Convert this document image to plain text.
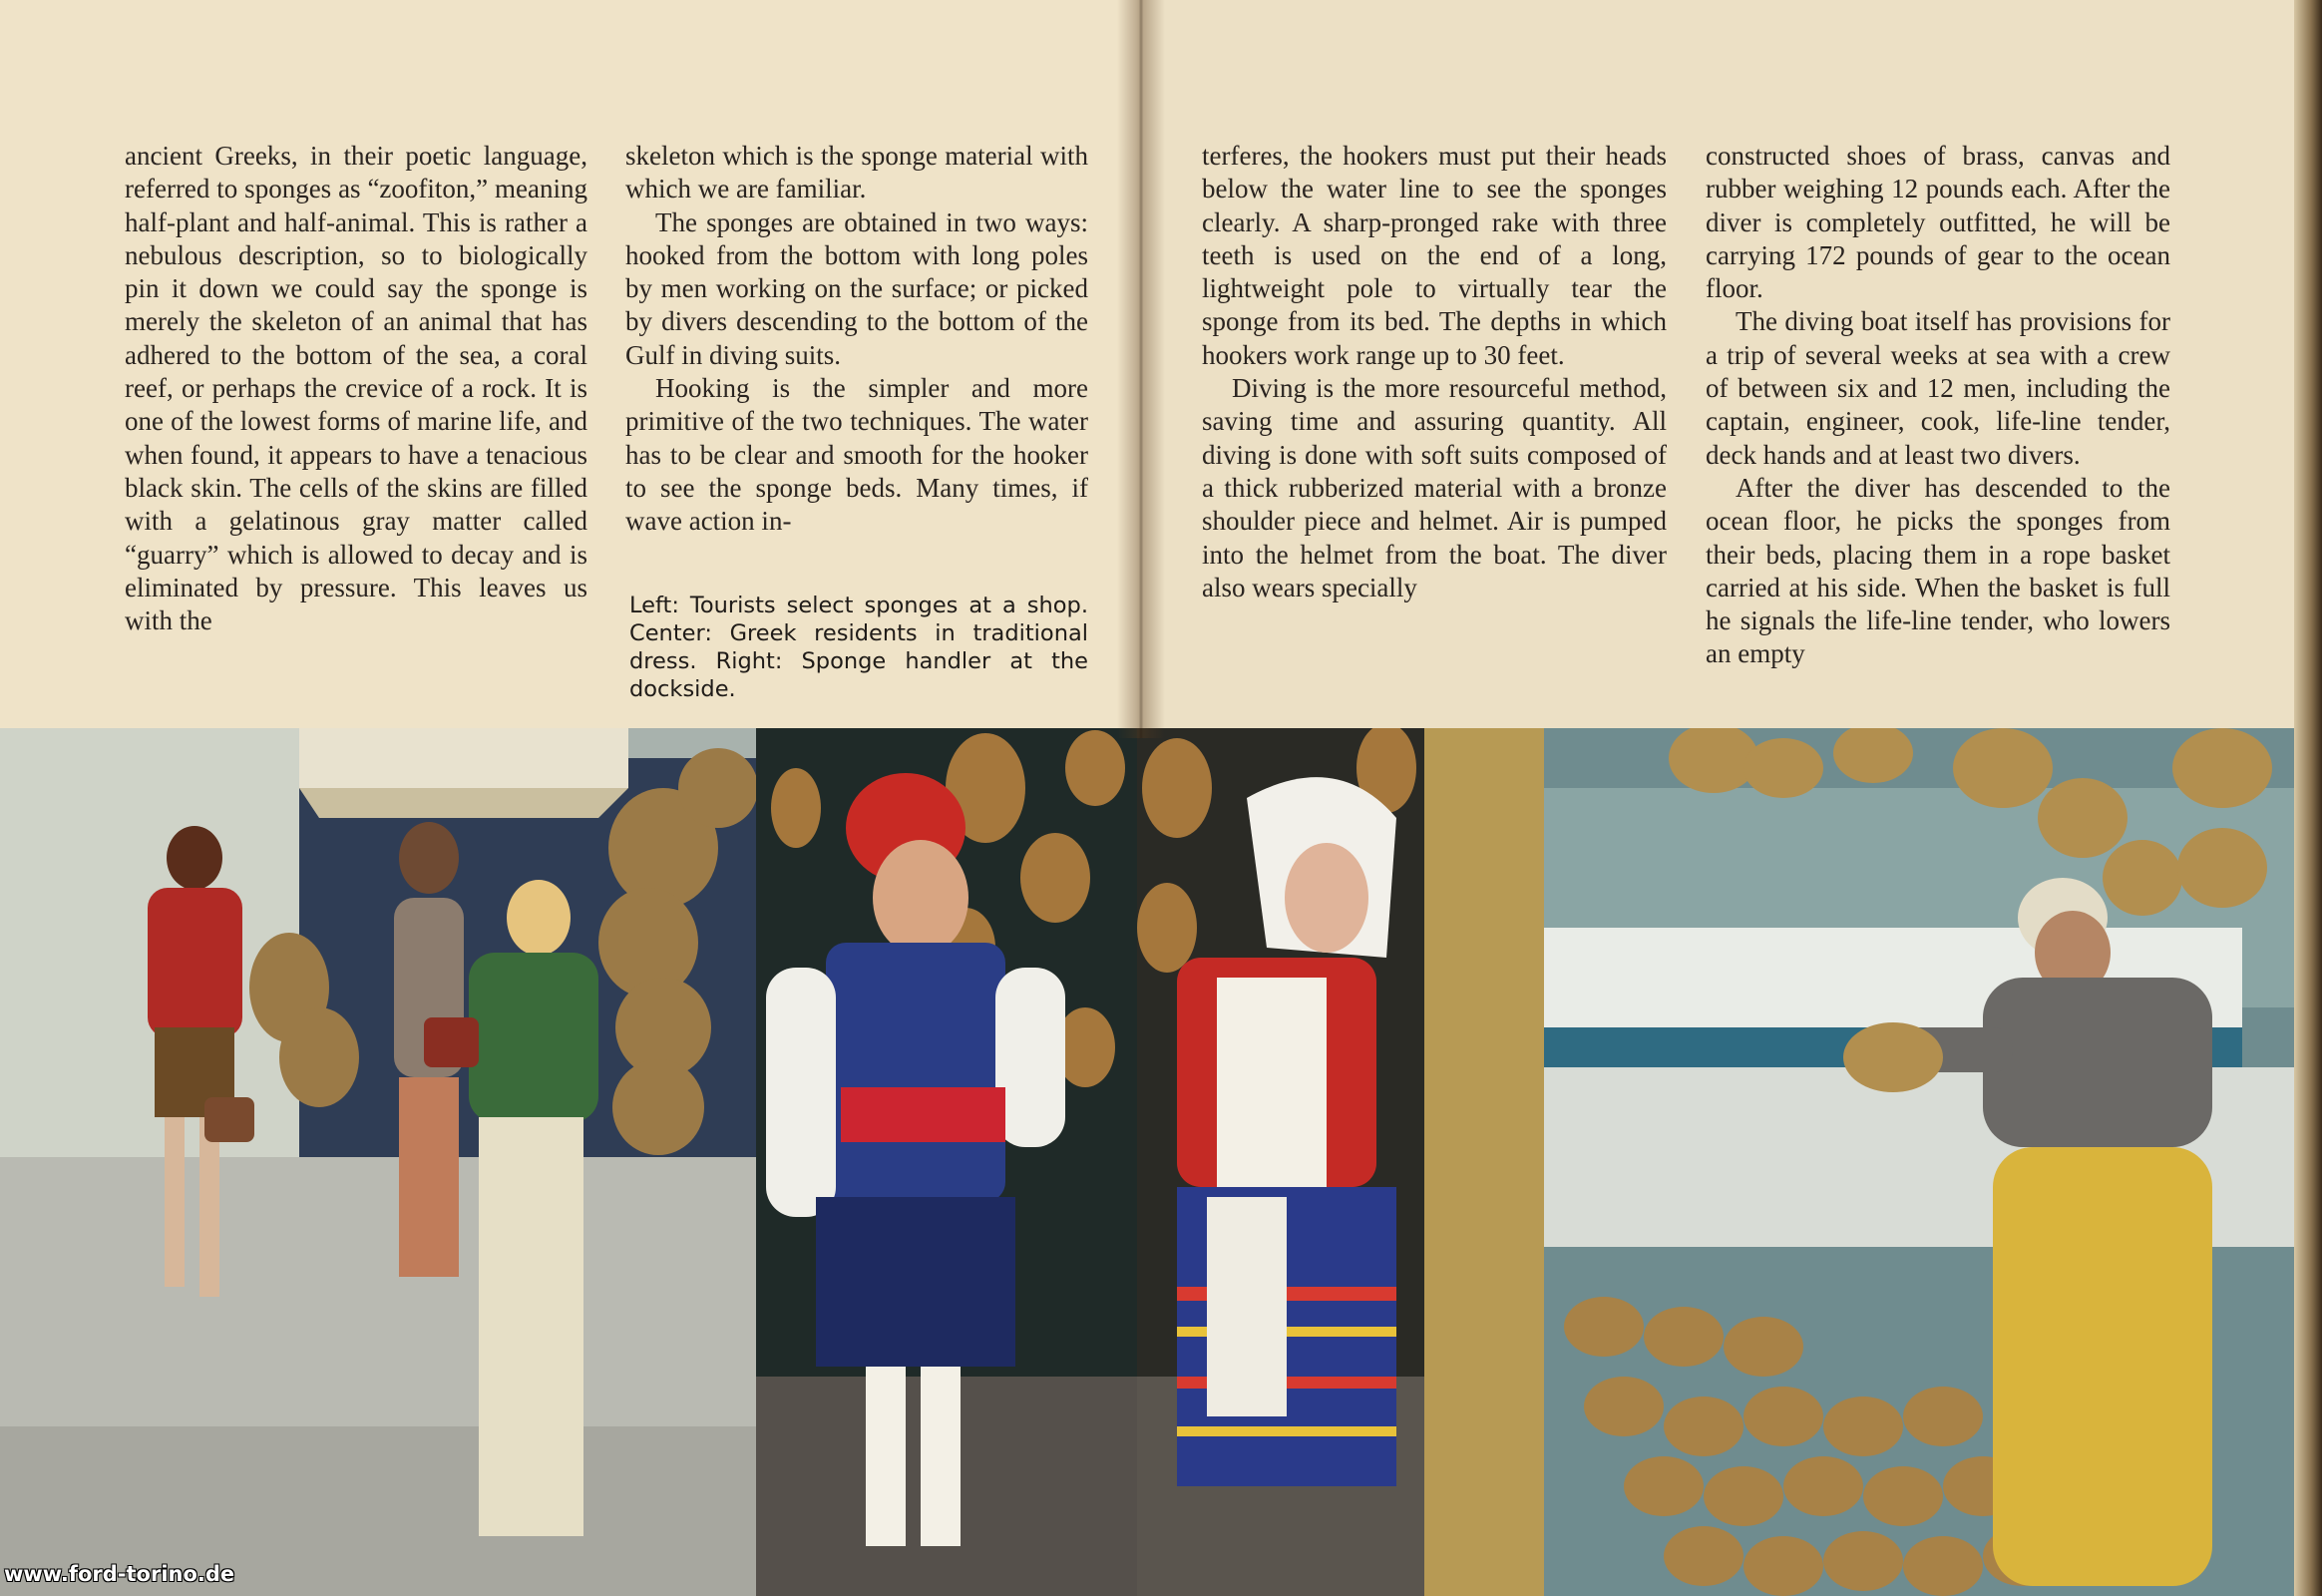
ancient Greeks, in their poetic language, referred to sponges as “zoofiton,” meaning half-plant and half-animal. This is rather a nebulous description, so to biologically pin it down we could say the sponge is merely the skeleton of an animal that has adhered to the bottom of the sea, a coral reef, or perhaps the crevice of a rock. It is one of the lowest forms of marine life, and when found, it appears to have a tenacious black skin. The cells of the skins are filled with a gelatinous gray matter called “guarry” which is allowed to decay and is eliminated by pressure. This leaves us with the

skeleton which is the sponge material with which we are familiar.

The sponges are obtained in two ways: hooked from the bottom with long poles by men working on the surface; or picked by divers descending to the bottom of the Gulf in diving suits.

Hooking is the simpler and more primitive of the two techniques. The water has to be clear and smooth for the hooker to see the sponge beds. Many times, if wave action in-

Left: Tourists select sponges at a shop. Center: Greek residents in traditional dress. Right: Sponge handler at the dockside.
www.ford-torino.de

terferes, the hookers must put their heads below the water line to see the sponges clearly. A sharp-pronged rake with three teeth is used on the end of a long, lightweight pole to virtually tear the sponge from its bed. The depths in which hookers work range up to 30 feet.

Diving is the more resourceful method, saving time and assuring quantity. All diving is done with soft suits composed of a thick rubberized material with a bronze shoulder piece and helmet. Air is pumped into the helmet from the boat. The diver also wears specially

constructed shoes of brass, canvas and rubber weighing 12 pounds each. After the diver is completely outfitted, he will be carrying 172 pounds of gear to the ocean floor.

The diving boat itself has provisions for a trip of several weeks at sea with a crew of between six and 12 men, including the captain, engineer, cook, life-line tender, deck hands and at least two divers.

After the diver has descended to the ocean floor, he picks the sponges from their beds, placing them in a rope basket carried at his side. When the basket is full he signals the life-line tender, who lowers an empty
